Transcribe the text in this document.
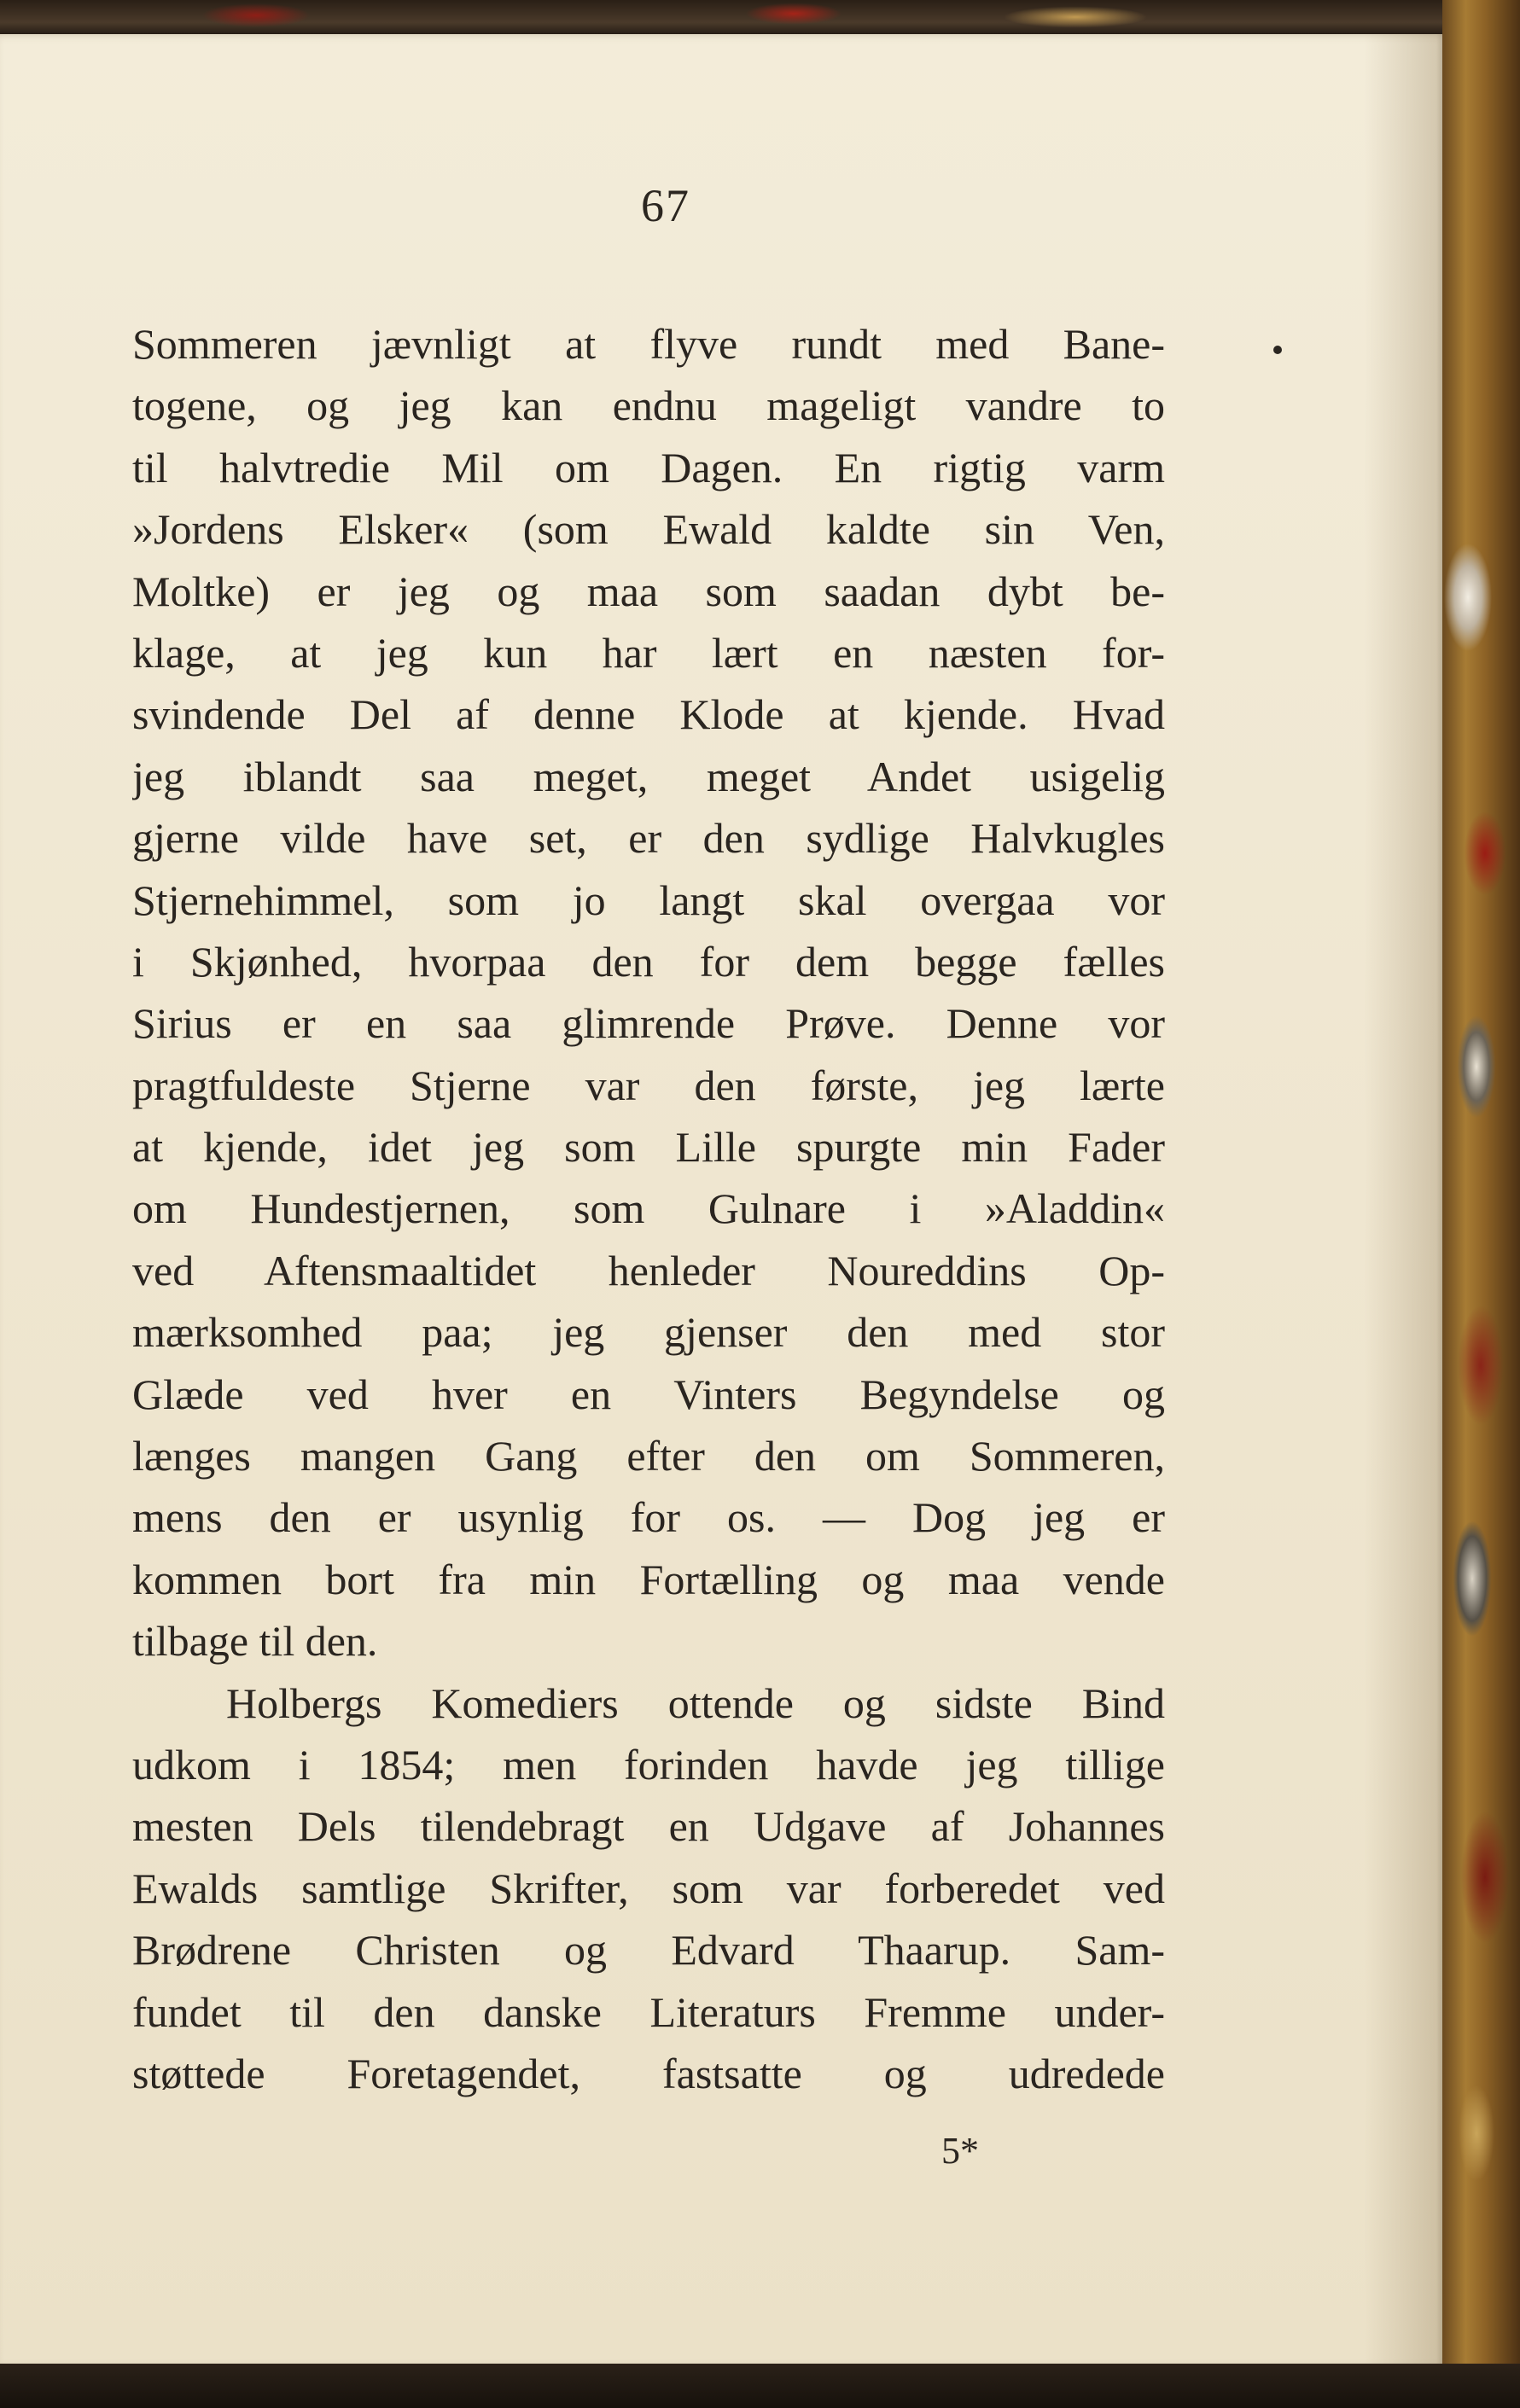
67
Sommeren jævnligt at flyve rundt med Bane-
togene, og jeg kan endnu mageligt vandre to
til halvtredie Mil om Dagen. En rigtig varm
»Jordens Elsker« (som Ewald kaldte sin Ven,
Moltke) er jeg og maa som saadan dybt be-
klage, at jeg kun har lært en næsten for-
svindende Del af denne Klode at kjende. Hvad
jeg iblandt saa meget, meget Andet usigelig
gjerne vilde have set, er den sydlige Halvkugles
Stjernehimmel, som jo langt skal overgaa vor
i Skjønhed, hvorpaa den for dem begge fælles
Sirius er en saa glimrende Prøve. Denne vor
pragtfuldeste Stjerne var den første, jeg lærte
at kjende, idet jeg som Lille spurgte min Fader
om Hundestjernen, som Gulnare i »Aladdin«
ved Aftensmaaltidet henleder Noureddins Op-
mærksomhed paa; jeg gjenser den med stor
Glæde ved hver en Vinters Begyndelse og
længes mangen Gang efter den om Sommeren,
mens den er usynlig for os. — Dog jeg er
kommen bort fra min Fortælling og maa vende
tilbage til den.
Holbergs Komediers ottende og sidste Bind
udkom i 1854; men forinden havde jeg tillige
mesten Dels tilendebragt en Udgave af Johannes
Ewalds samtlige Skrifter, som var forberedet ved
Brødrene Christen og Edvard Thaarup. Sam-
fundet til den danske Literaturs Fremme under-
støttede Foretagendet, fastsatte og udredede
5*
